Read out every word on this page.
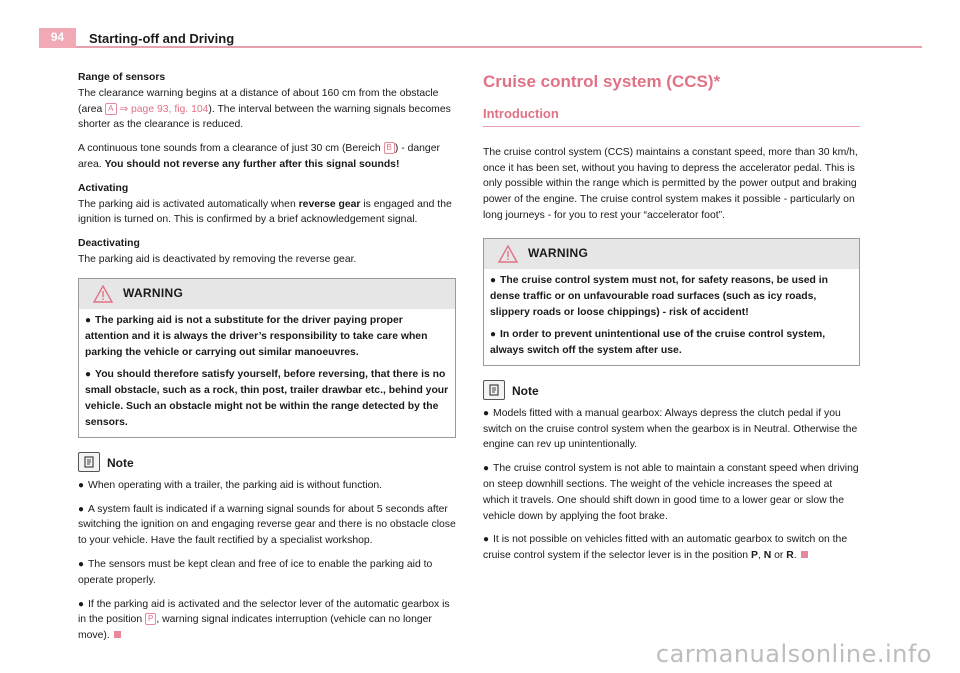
94	Starting-off and Driving

Range of sensors

The clearance warning begins at a distance of about 160 cm from the obstacle (area A ⇒ page 93, fig. 104). The interval between the warning signals becomes shorter as the clearance is reduced.

A continuous tone sounds from a clearance of just 30 cm (Bereich B ) - danger area. You should not reverse any further after this signal sounds!

Activating

The parking aid is activated automatically when reverse gear is engaged and the ignition is turned on. This is confirmed by a brief acknowledgement signal.

Deactivating

The parking aid is deactivated by removing the reverse gear.

WARNING
● The parking aid is not a substitute for the driver paying proper attention and it is always the driver’s responsibility to take care when parking the vehicle or carrying out similar manoeuvres.
● You should therefore satisfy yourself, before reversing, that there is no small obstacle, such as a rock, thin post, trailer drawbar etc., behind your vehicle. Such an obstacle might not be within the range detected by the sensors.
Note

● When operating with a trailer, the parking aid is without function.

● A system fault is indicated if a warning signal sounds for about 5 seconds after switching the ignition on and engaging reverse gear and there is no obstacle close to your vehicle. Have the fault rectified by a specialist workshop.

● The sensors must be kept clean and free of ice to enable the parking aid to operate properly.

● If the parking aid is activated and the selector lever of the automatic gearbox is in the position P , warning signal indicates interruption (vehicle can no longer move).

Cruise control system (CCS)*
Introduction

The cruise control system (CCS) maintains a constant speed, more than 30 km/h, once it has been set, without you having to depress the accelerator pedal. This is only possible within the range which is permitted by the power output and braking power of the engine. The cruise control system makes it possible - particularly on long journeys - for you to rest your “accelerator foot”.

WARNING
● The cruise control system must not, for safety reasons, be used in dense traffic or on unfavourable road surfaces (such as icy roads, slippery roads or loose chippings) - risk of accident!
● In order to prevent unintentional use of the cruise control system, always switch off the system after use.
Note

● Models fitted with a manual gearbox: Always depress the clutch pedal if you switch on the cruise control system when the gearbox is in Neutral. Otherwise the engine can rev up unintentionally.

● The cruise control system is not able to maintain a constant speed when driving on steep downhill sections. The weight of the vehicle increases the speed at which it travels. One should shift down in good time to a lower gear or slow the vehicle down by applying the foot brake.

● It is not possible on vehicles fitted with an automatic gearbox to switch on the cruise control system if the selector lever is in the position P, N or R.

carmanualsonline.info
